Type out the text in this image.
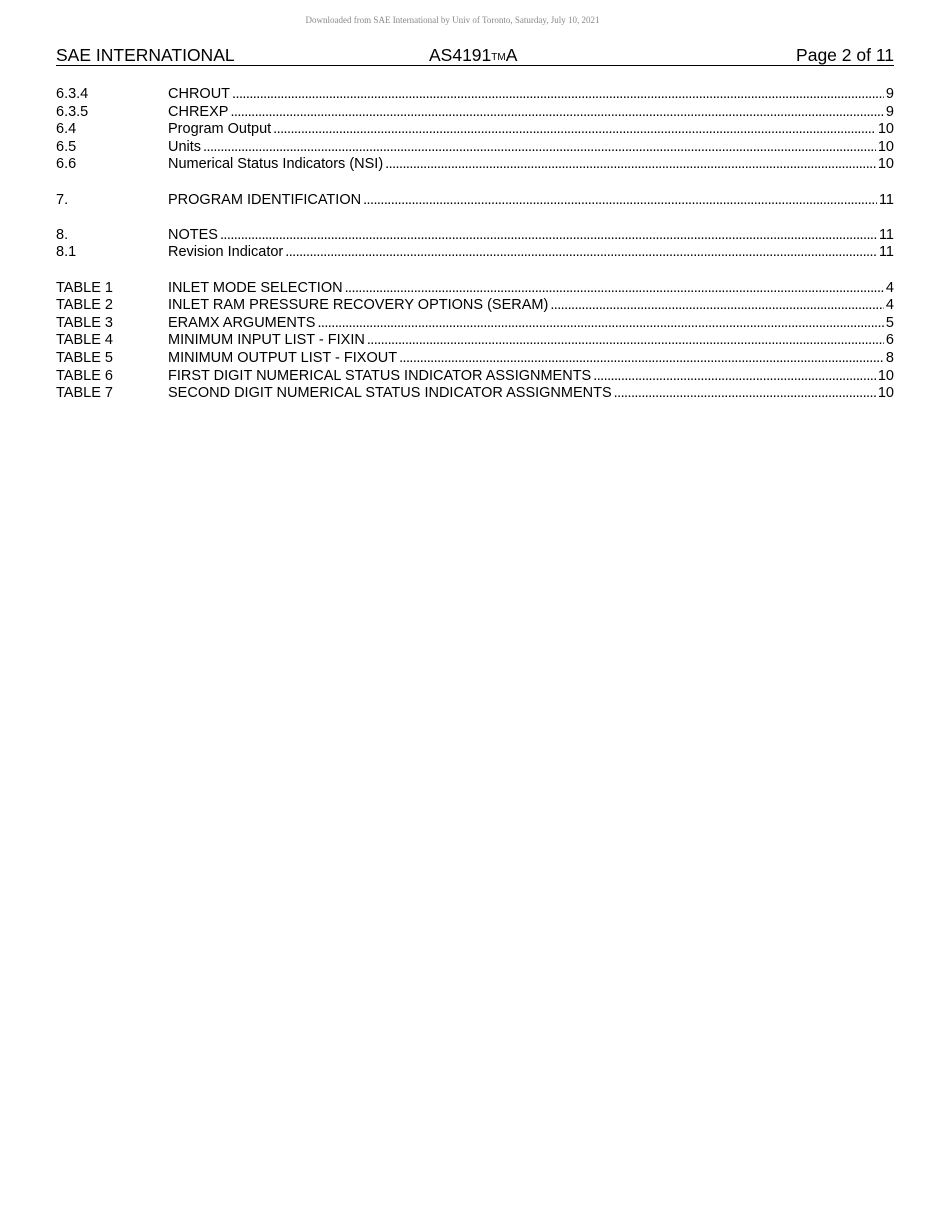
Downloaded from SAE International by Univ of Toronto, Saturday, July 10, 2021
SAE INTERNATIONAL	AS4191TMA	Page 2 of 11
6.3.4	CHROUT . . .	9
6.3.5	CHREXP . . .	9
6.4	Program Output . . .	10
6.5	Units . . .	10
6.6	Numerical Status Indicators (NSI) . . .	10
7.	PROGRAM IDENTIFICATION . . .	11
8.	NOTES . . .	11
8.1	Revision Indicator . . .	11
TABLE 1	INLET MODE SELECTION . . .	4
TABLE 2	INLET RAM PRESSURE RECOVERY OPTIONS (SERAM) . . .	4
TABLE 3	ERAMX ARGUMENTS . . .	5
TABLE 4	MINIMUM INPUT LIST - FIXIN . . .	6
TABLE 5	MINIMUM OUTPUT LIST - FIXOUT . . .	8
TABLE 6	FIRST DIGIT NUMERICAL STATUS INDICATOR ASSIGNMENTS . . .	10
TABLE 7	SECOND DIGIT NUMERICAL STATUS INDICATOR ASSIGNMENTS . . .	10
